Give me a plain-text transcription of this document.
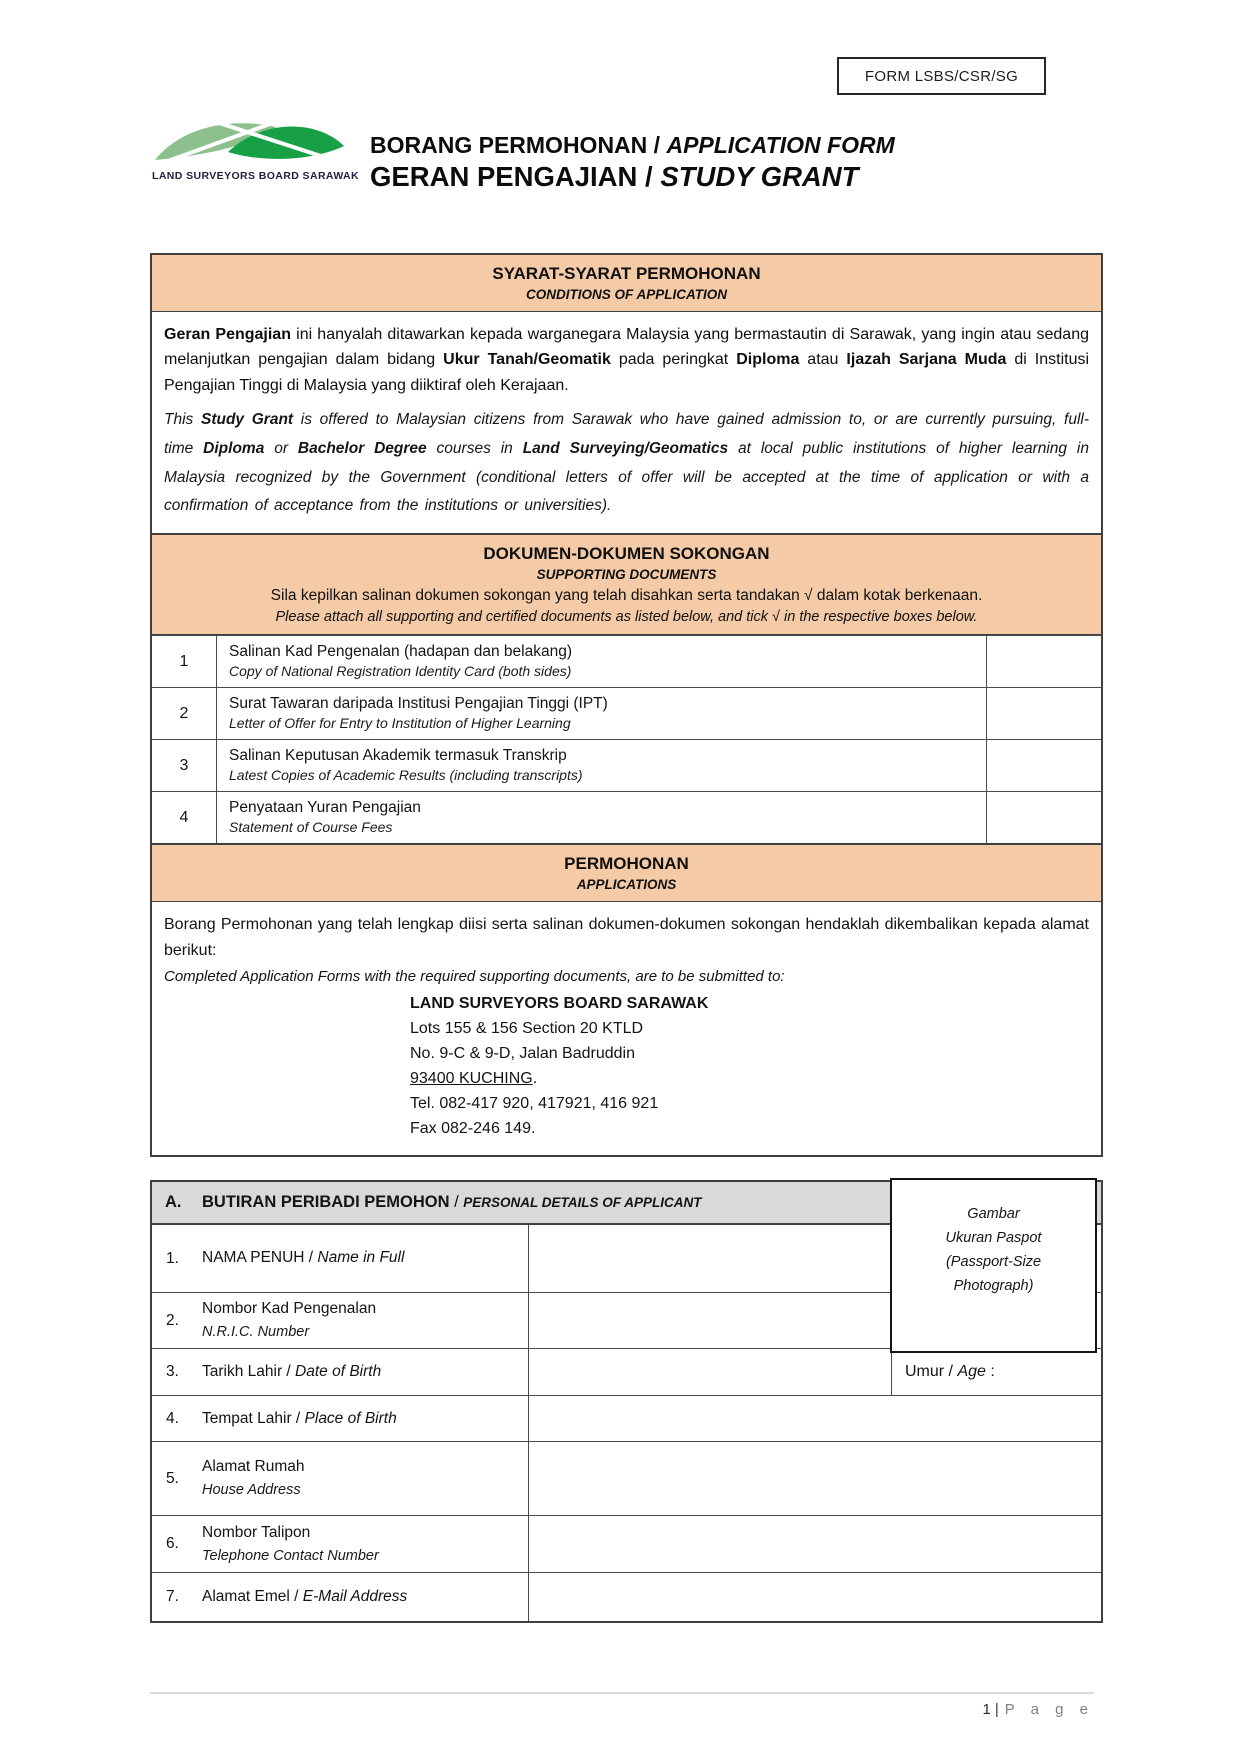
FORM LSBS/CSR/SG
LAND SURVEYORS BOARD SARAWAK
BORANG PERMOHONAN / APPLICATION FORM
GERAN PENGAJIAN / STUDY GRANT
SYARAT-SYARAT PERMOHONAN
CONDITIONS OF APPLICATION

Geran Pengajian ini hanyalah ditawarkan kepada warganegara Malaysia yang bermastautin di Sarawak, yang ingin atau sedang melanjutkan pengajian dalam bidang Ukur Tanah/Geomatik pada peringkat Diploma atau Ijazah Sarjana Muda di Institusi Pengajian Tinggi di Malaysia yang diiktiraf oleh Kerajaan.

This Study Grant is offered to Malaysian citizens from Sarawak who have gained admission to, or are currently pursuing, full-time Diploma or Bachelor Degree courses in Land Surveying/Geomatics at local public institutions of higher learning in Malaysia recognized by the Government (conditional letters of offer will be accepted at the time of application or with a confirmation of acceptance from the institutions or universities).

DOKUMEN-DOKUMEN SOKONGAN
SUPPORTING DOCUMENTS
Sila kepilkan salinan dokumen sokongan yang telah disahkan serta tandakan √ dalam kotak berkenaan.
Please attach all supporting and certified documents as listed below, and tick √ in the respective boxes below.
1
Salinan Kad Pengenalan (hadapan dan belakang)
Copy of National Registration Identity Card (both sides)
2
Surat Tawaran daripada Institusi Pengajian Tinggi (IPT)
Letter of Offer for Entry to Institution of Higher Learning
3
Salinan Keputusan Akademik termasuk Transkrip
Latest Copies of Academic Results (including transcripts)
4
Penyataan Yuran Pengajian
Statement of Course Fees
PERMOHONAN
APPLICATIONS

Borang Permohonan yang telah lengkap diisi serta salinan dokumen-dokumen sokongan hendaklah dikembalikan kepada alamat berikut:

Completed Application Forms with the required supporting documents, are to be submitted to:

LAND SURVEYORS BOARD SARAWAK
Lots 155 & 156 Section 20 KTLD
No. 9-C & 9-D, Jalan Badruddin
93400 KUCHING.
Tel. 082-417 920, 417921, 416 921
Fax 082-246 149.
A.	BUTIRAN PERIBADI PEMOHON / PERSONAL DETAILS OF APPLICANT
1.	NAMA PENUH / Name in Full
2.
Nombor Kad Pengenalan
N.R.I.C. Number
3.	Tarikh Lahir / Date of Birth	Umur / Age :
4.	Tempat Lahir / Place of Birth
5.
Alamat Rumah
House Address
6.
Nombor Talipon
Telephone Contact Number
7.	Alamat Emel / E-Mail Address
Gambar
Ukuran Paspot
(Passport-Size
Photograph)
1 | P a g e
